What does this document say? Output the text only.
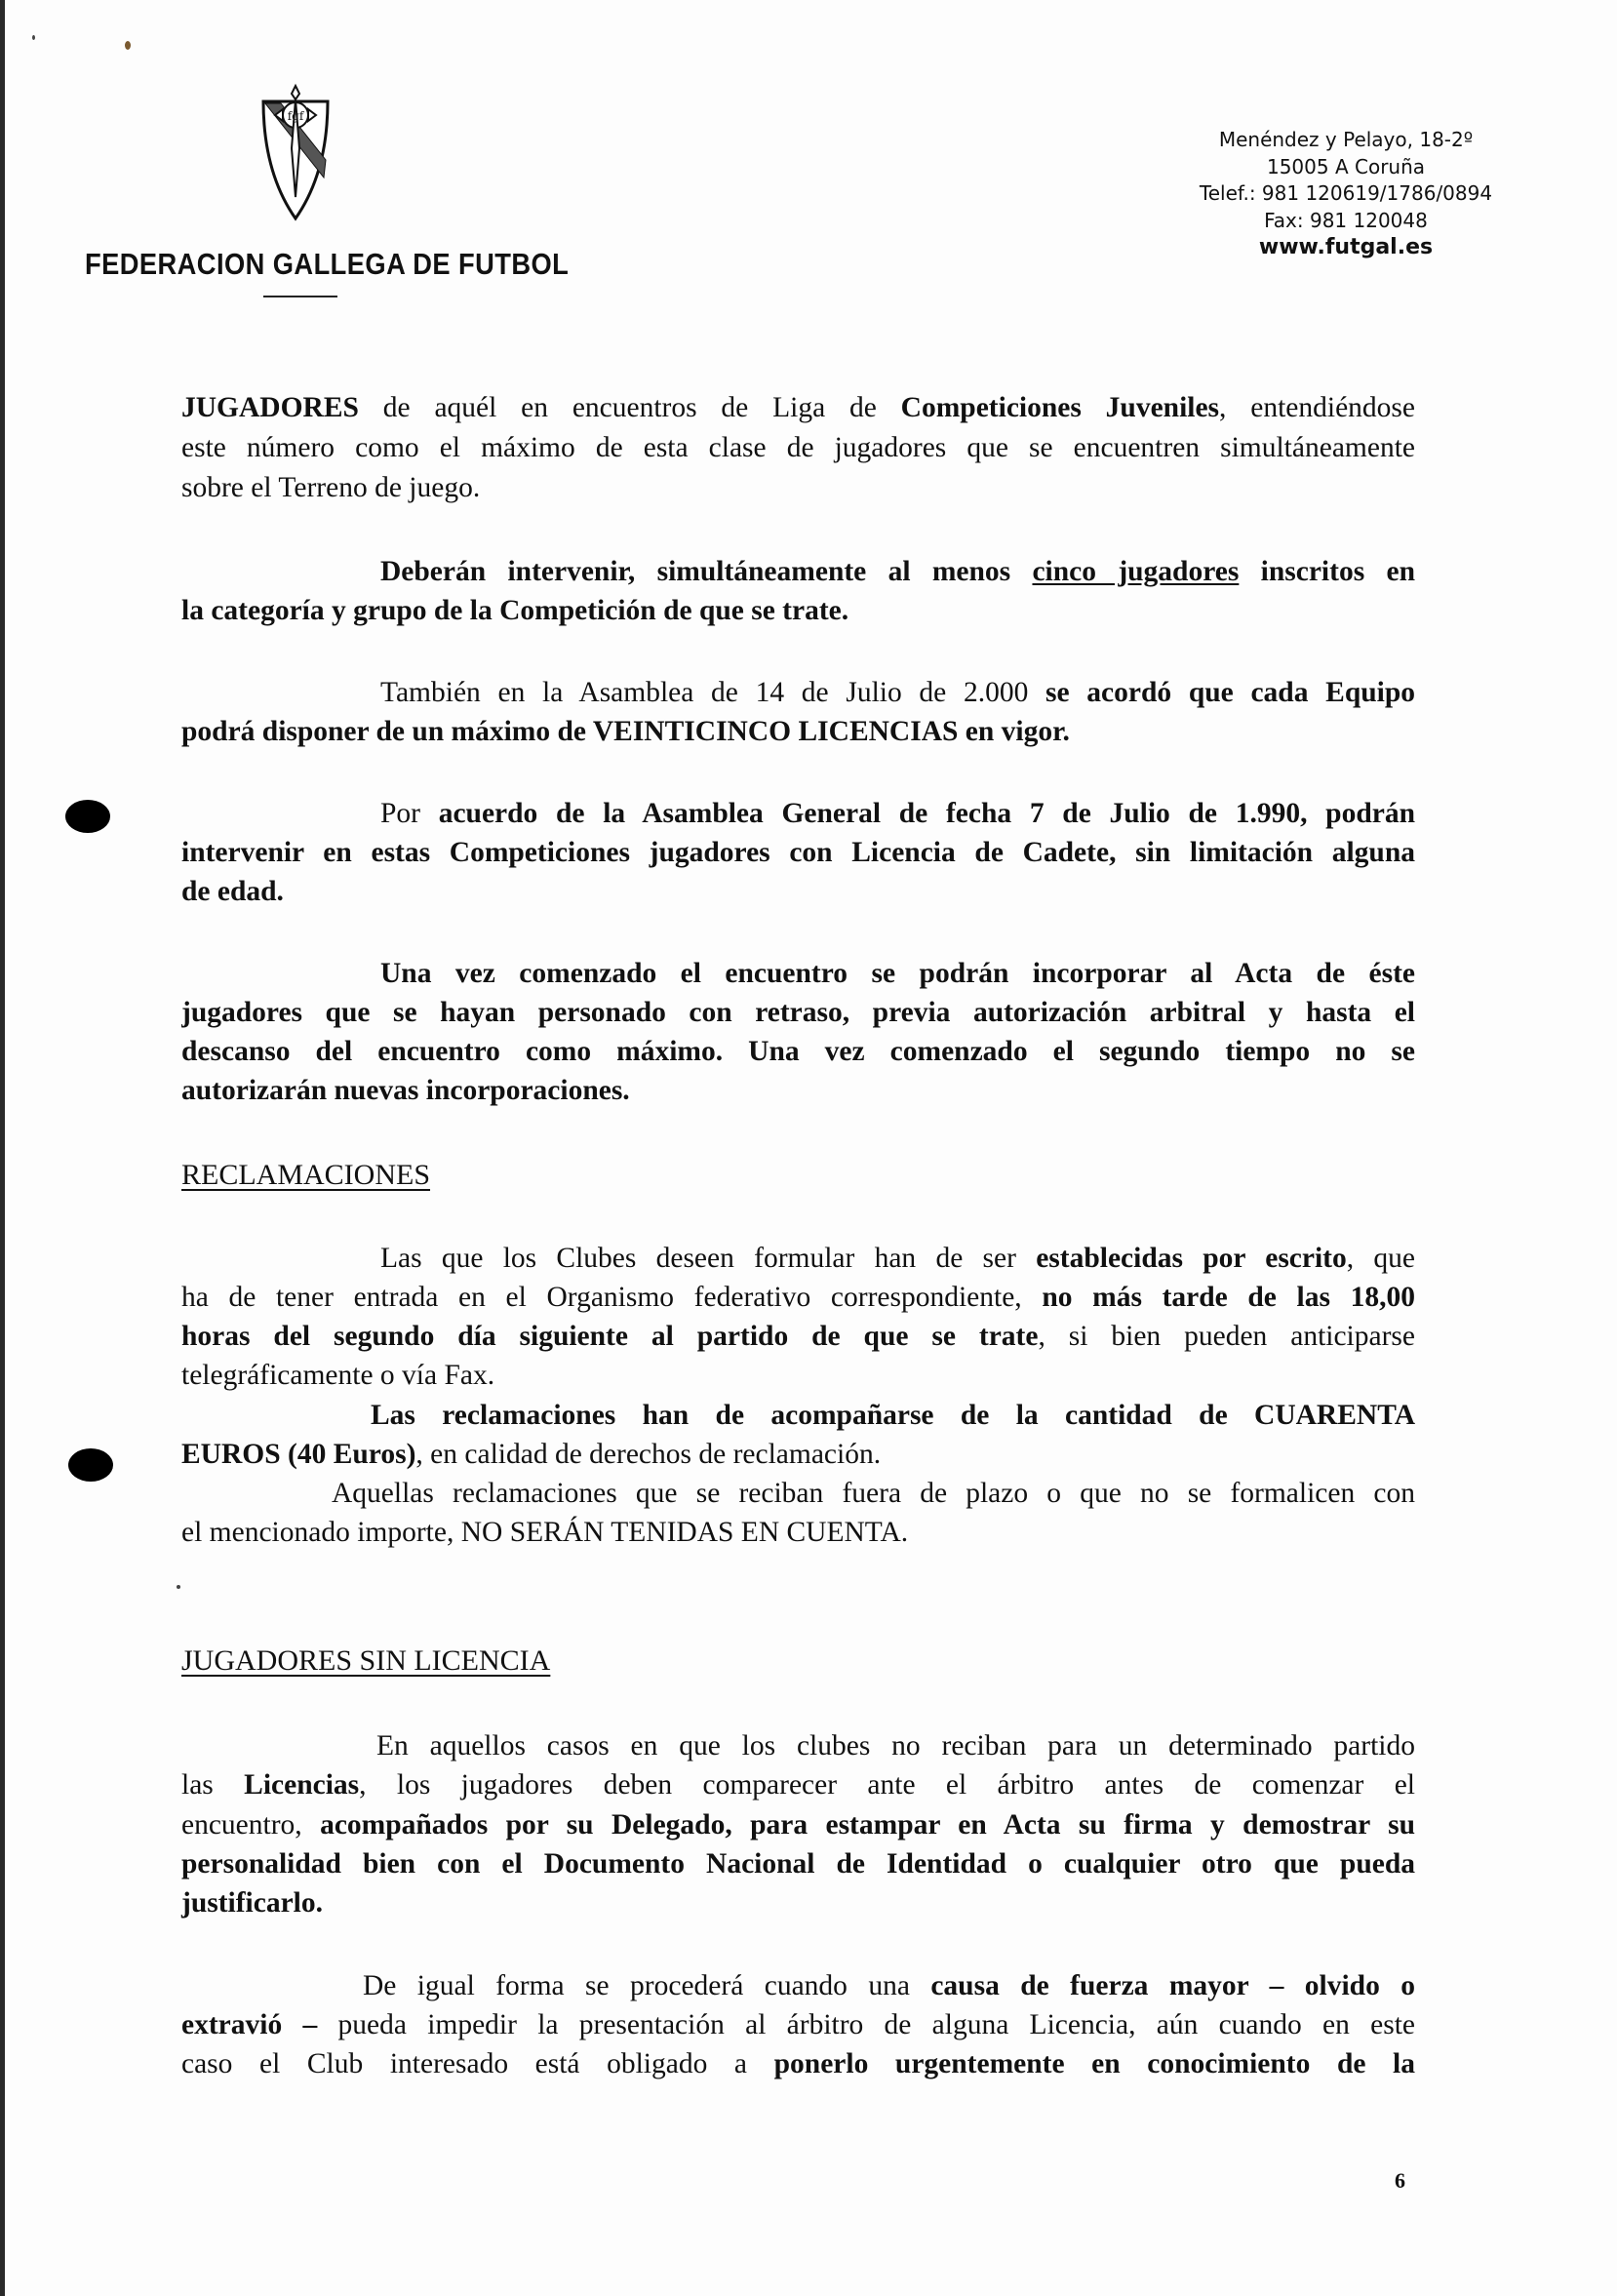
fgf
FEDERACION GALLEGA DE FUTBOL
Menéndez y Pelayo, 18-2º
15005 A Coruña
Telef.: 981 120619/1786/0894
Fax: 981 120048
www.futgal.es
JUGADORES de aquél en encuentros de Liga de Competiciones Juveniles, entendiéndose
este número como el máximo de esta clase de jugadores que se encuentren simultáneamente
sobre el Terreno de juego.
Deberán intervenir, simultáneamente al menos cinco jugadores inscritos en
la categoría y grupo de la Competición de que se trate.
También en la Asamblea de 14 de Julio de 2.000 se acordó que cada Equipo
podrá disponer de un máximo de VEINTICINCO LICENCIAS en vigor.
Por acuerdo de la Asamblea General de fecha 7 de Julio de 1.990, podrán
intervenir en estas Competiciones jugadores con Licencia de Cadete, sin limitación alguna
de edad.
Una vez comenzado el encuentro se podrán incorporar al Acta de éste
jugadores que se hayan personado con retraso, previa autorización arbitral y hasta el
descanso del encuentro como máximo. Una vez comenzado el segundo tiempo no se
autorizarán nuevas incorporaciones.
Las que los Clubes deseen formular han de ser establecidas por escrito, que
ha de tener entrada en el Organismo federativo correspondiente, no más tarde de las 18,00
horas del segundo día siguiente al partido de que se trate, si bien pueden anticiparse
telegráficamente o vía Fax.
Las reclamaciones han de acompañarse de la cantidad de CUARENTA
EUROS (40 Euros), en calidad de derechos de reclamación.
Aquellas reclamaciones que se reciban fuera de plazo o que no se formalicen con
el mencionado importe, NO SERÁN TENIDAS EN CUENTA.
En aquellos casos en que los clubes no reciban para un determinado partido
las Licencias, los jugadores deben comparecer ante el árbitro antes de comenzar el
encuentro, acompañados por su Delegado, para estampar en Acta su firma y demostrar su
personalidad bien con el Documento Nacional de Identidad o cualquier otro que pueda
justificarlo.
De igual forma se procederá cuando una causa de fuerza mayor – olvido o
extravió – pueda impedir la presentación al árbitro de alguna Licencia, aún cuando en este
caso el Club interesado está obligado a ponerlo urgentemente en conocimiento de la
RECLAMACIONES
JUGADORES SIN LICENCIA
6
